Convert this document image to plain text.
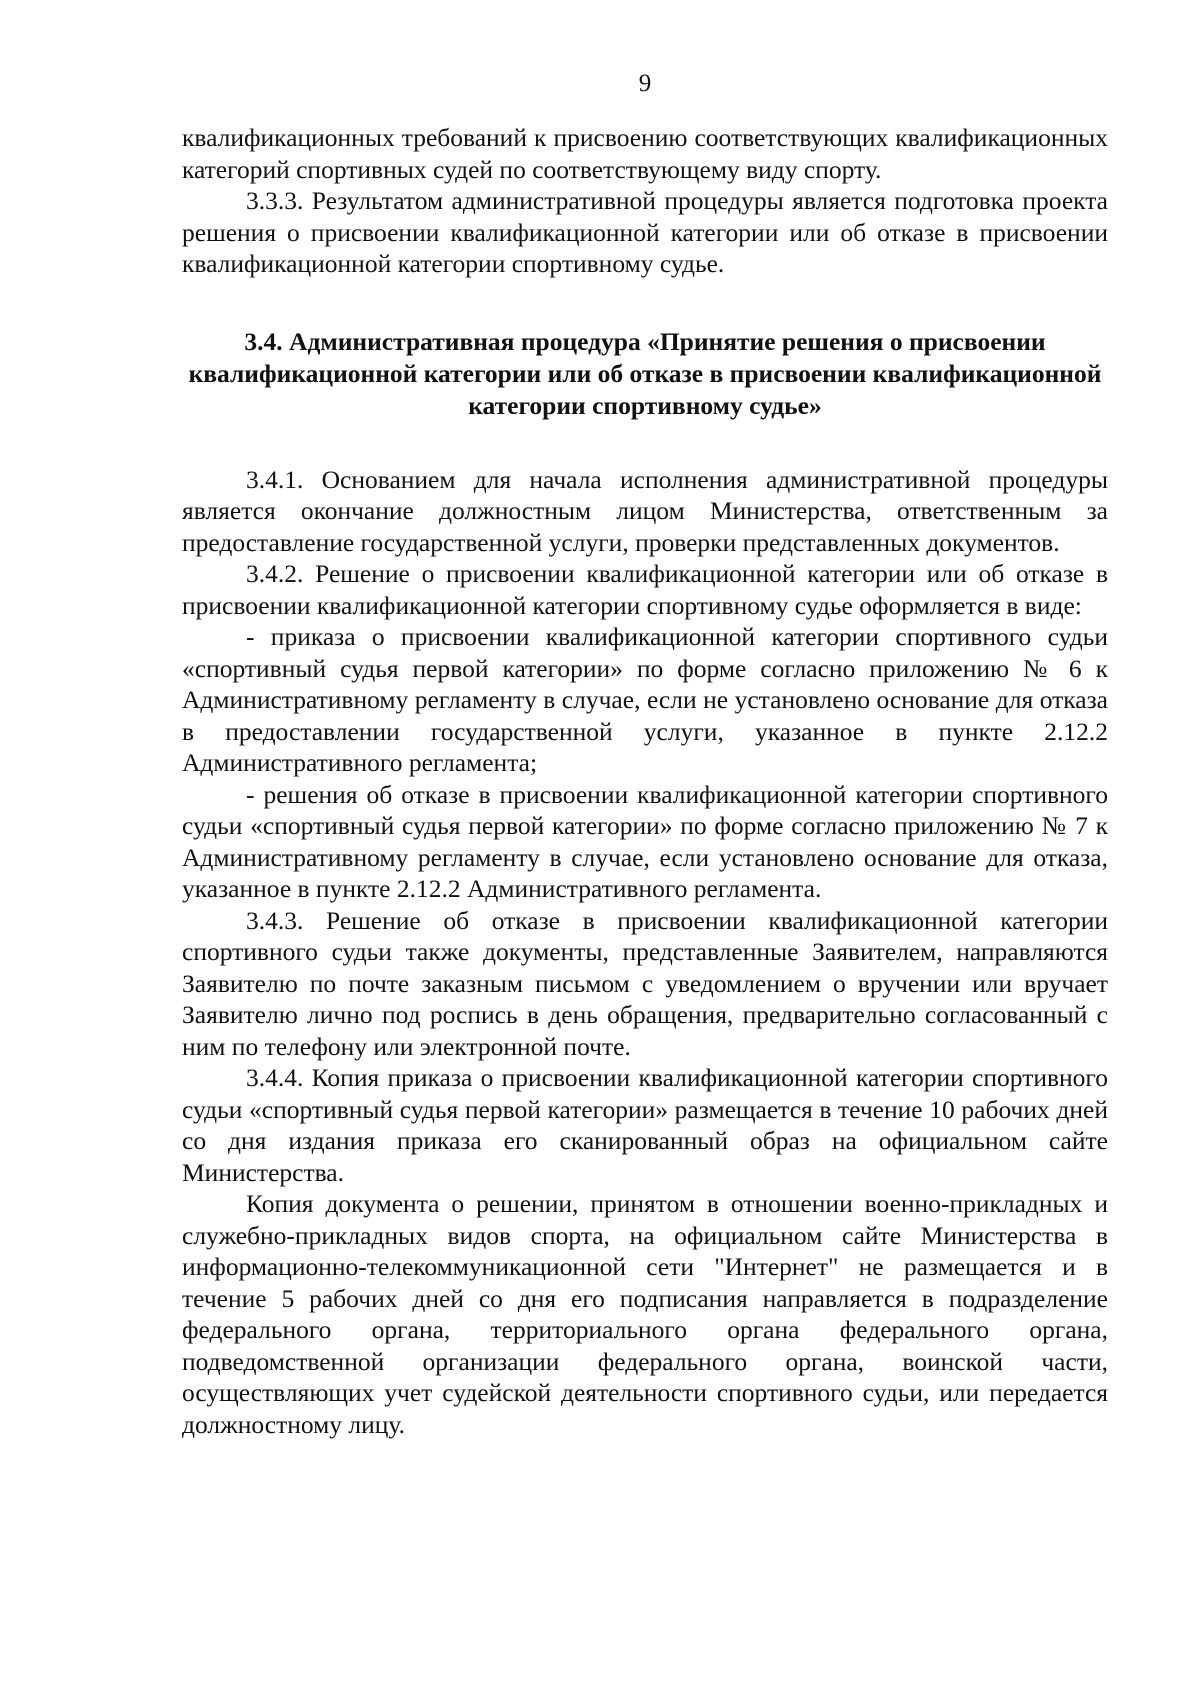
9

квалификационных требований к присвоению соответствующих квалификационных категорий спортивных судей по соответствующему виду спорту.

3.3.3. Результатом административной процедуры является подготовка проекта решения о присвоении квалификационной категории или об отказе в присвоении квалификационной категории спортивному судье.

3.4. Административная процедура «Принятие решения о присвоении квалификационной категории или об отказе в присвоении квалификационной категории спортивному судье»

3.4.1. Основанием для начала исполнения административной процедуры является окончание должностным лицом Министерства, ответственным за предоставление государственной услуги, проверки представленных документов.

3.4.2. Решение о присвоении квалификационной категории или об отказе в присвоении квалификационной категории спортивному судье оформляется в виде:

- приказа о присвоении квалификационной категории спортивного судьи «спортивный судья первой категории» по форме согласно приложению № 6 к Административному регламенту в случае, если не установлено основание для отказа в предоставлении государственной услуги, указанное в пункте 2.12.2 Административного регламента;

- решения об отказе в присвоении квалификационной категории спортивного судьи «спортивный судья первой категории» по форме согласно приложению № 7 к Административному регламенту в случае, если установлено основание для отказа, указанное в пункте 2.12.2 Административного регламента.

3.4.3. Решение об отказе в присвоении квалификационной категории спортивного судьи также документы, представленные Заявителем, направляются Заявителю по почте заказным письмом с уведомлением о вручении или вручает Заявителю лично под роспись в день обращения, предварительно согласованный с ним по телефону или электронной почте.

3.4.4. Копия приказа о присвоении квалификационной категории спортивного судьи «спортивный судья первой категории» размещается в течение 10 рабочих дней со дня издания приказа его сканированный образ на официальном сайте Министерства.

Копия документа о решении, принятом в отношении военно-прикладных и служебно-прикладных видов спорта, на официальном сайте Министерства в информационно-телекоммуникационной сети "Интернет" не размещается и в течение 5 рабочих дней со дня его подписания направляется в подразделение федерального органа, территориального органа федерального органа, подведомственной организации федерального органа, воинской части, осуществляющих учет судейской деятельности спортивного судьи, или передается должностному лицу.
